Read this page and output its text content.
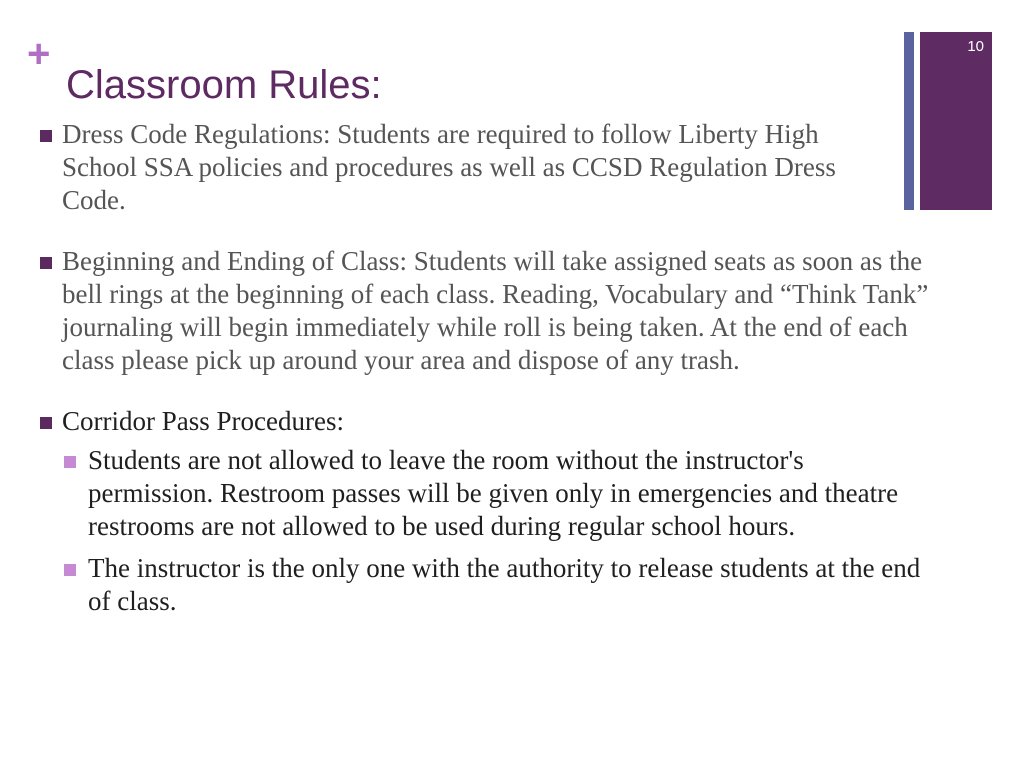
+
Classroom Rules:
10
Dress Code Regulations: Students are required to follow Liberty High School SSA policies and procedures as well as CCSD Regulation Dress Code.
Beginning and Ending of Class: Students will take assigned seats as soon as the bell rings at the beginning of each class. Reading, Vocabulary and “Think Tank” journaling will begin immediately while roll is being taken. At the end of each class please pick up around your area and dispose of any trash.
Corridor Pass Procedures:
Students are not allowed to leave the room without the instructor's permission. Restroom passes will be given only in emergencies and theatre restrooms are not allowed to be used during regular school hours.
The instructor is the only one with the authority to release students at the end of class.
